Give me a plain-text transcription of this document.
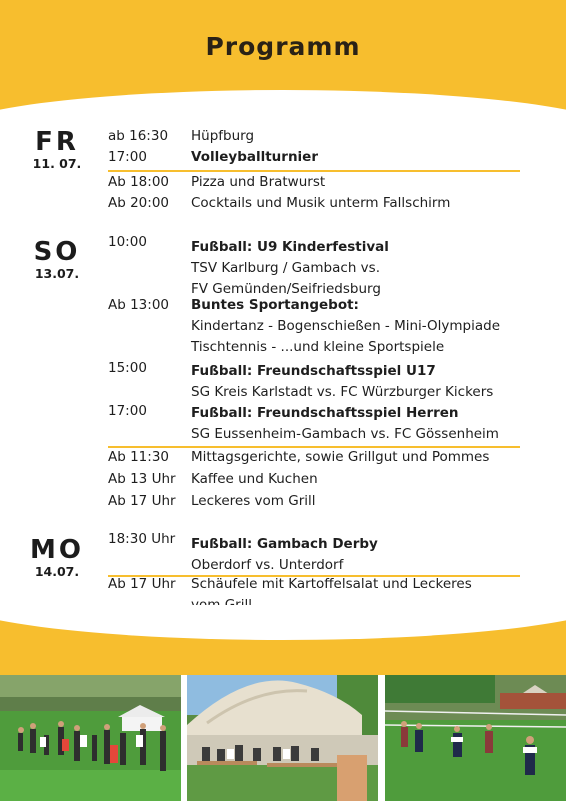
Programm
FR
11. 07.
SO
13.07.
MO
14.07.
ab 16:30	Hüpfburg
17:00	Volleyballturnier
Ab 18:00	Pizza und Bratwurst
Ab 20:00	Cocktails und Musik unterm Fallschirm
10:00	Fußball: U9 Kinderfestival
TSV Karlburg / Gambach vs.
FV Gemünden/Seifriedsburg
Ab 13:00	Buntes Sportangebot:
Kindertanz - Bogenschießen - Mini-Olympiade
Tischtennis - ...und kleine Sportspiele
15:00	Fußball: Freundschaftsspiel U17
SG Kreis Karlstadt vs. FC Würzburger Kickers
17:00	Fußball: Freundschaftsspiel Herren
SG Eussenheim-Gambach vs. FC Gössenheim
Ab 11:30	Mittagsgerichte, sowie Grillgut und Pommes
Ab 13 Uhr	Kaffee und Kuchen
Ab 17 Uhr	Leckeres vom Grill
18:30 Uhr	Fußball: Gambach Derby
Oberdorf vs. Unterdorf
Ab 17 Uhr	Schäufele mit Kartoffelsalat und Leckeres
